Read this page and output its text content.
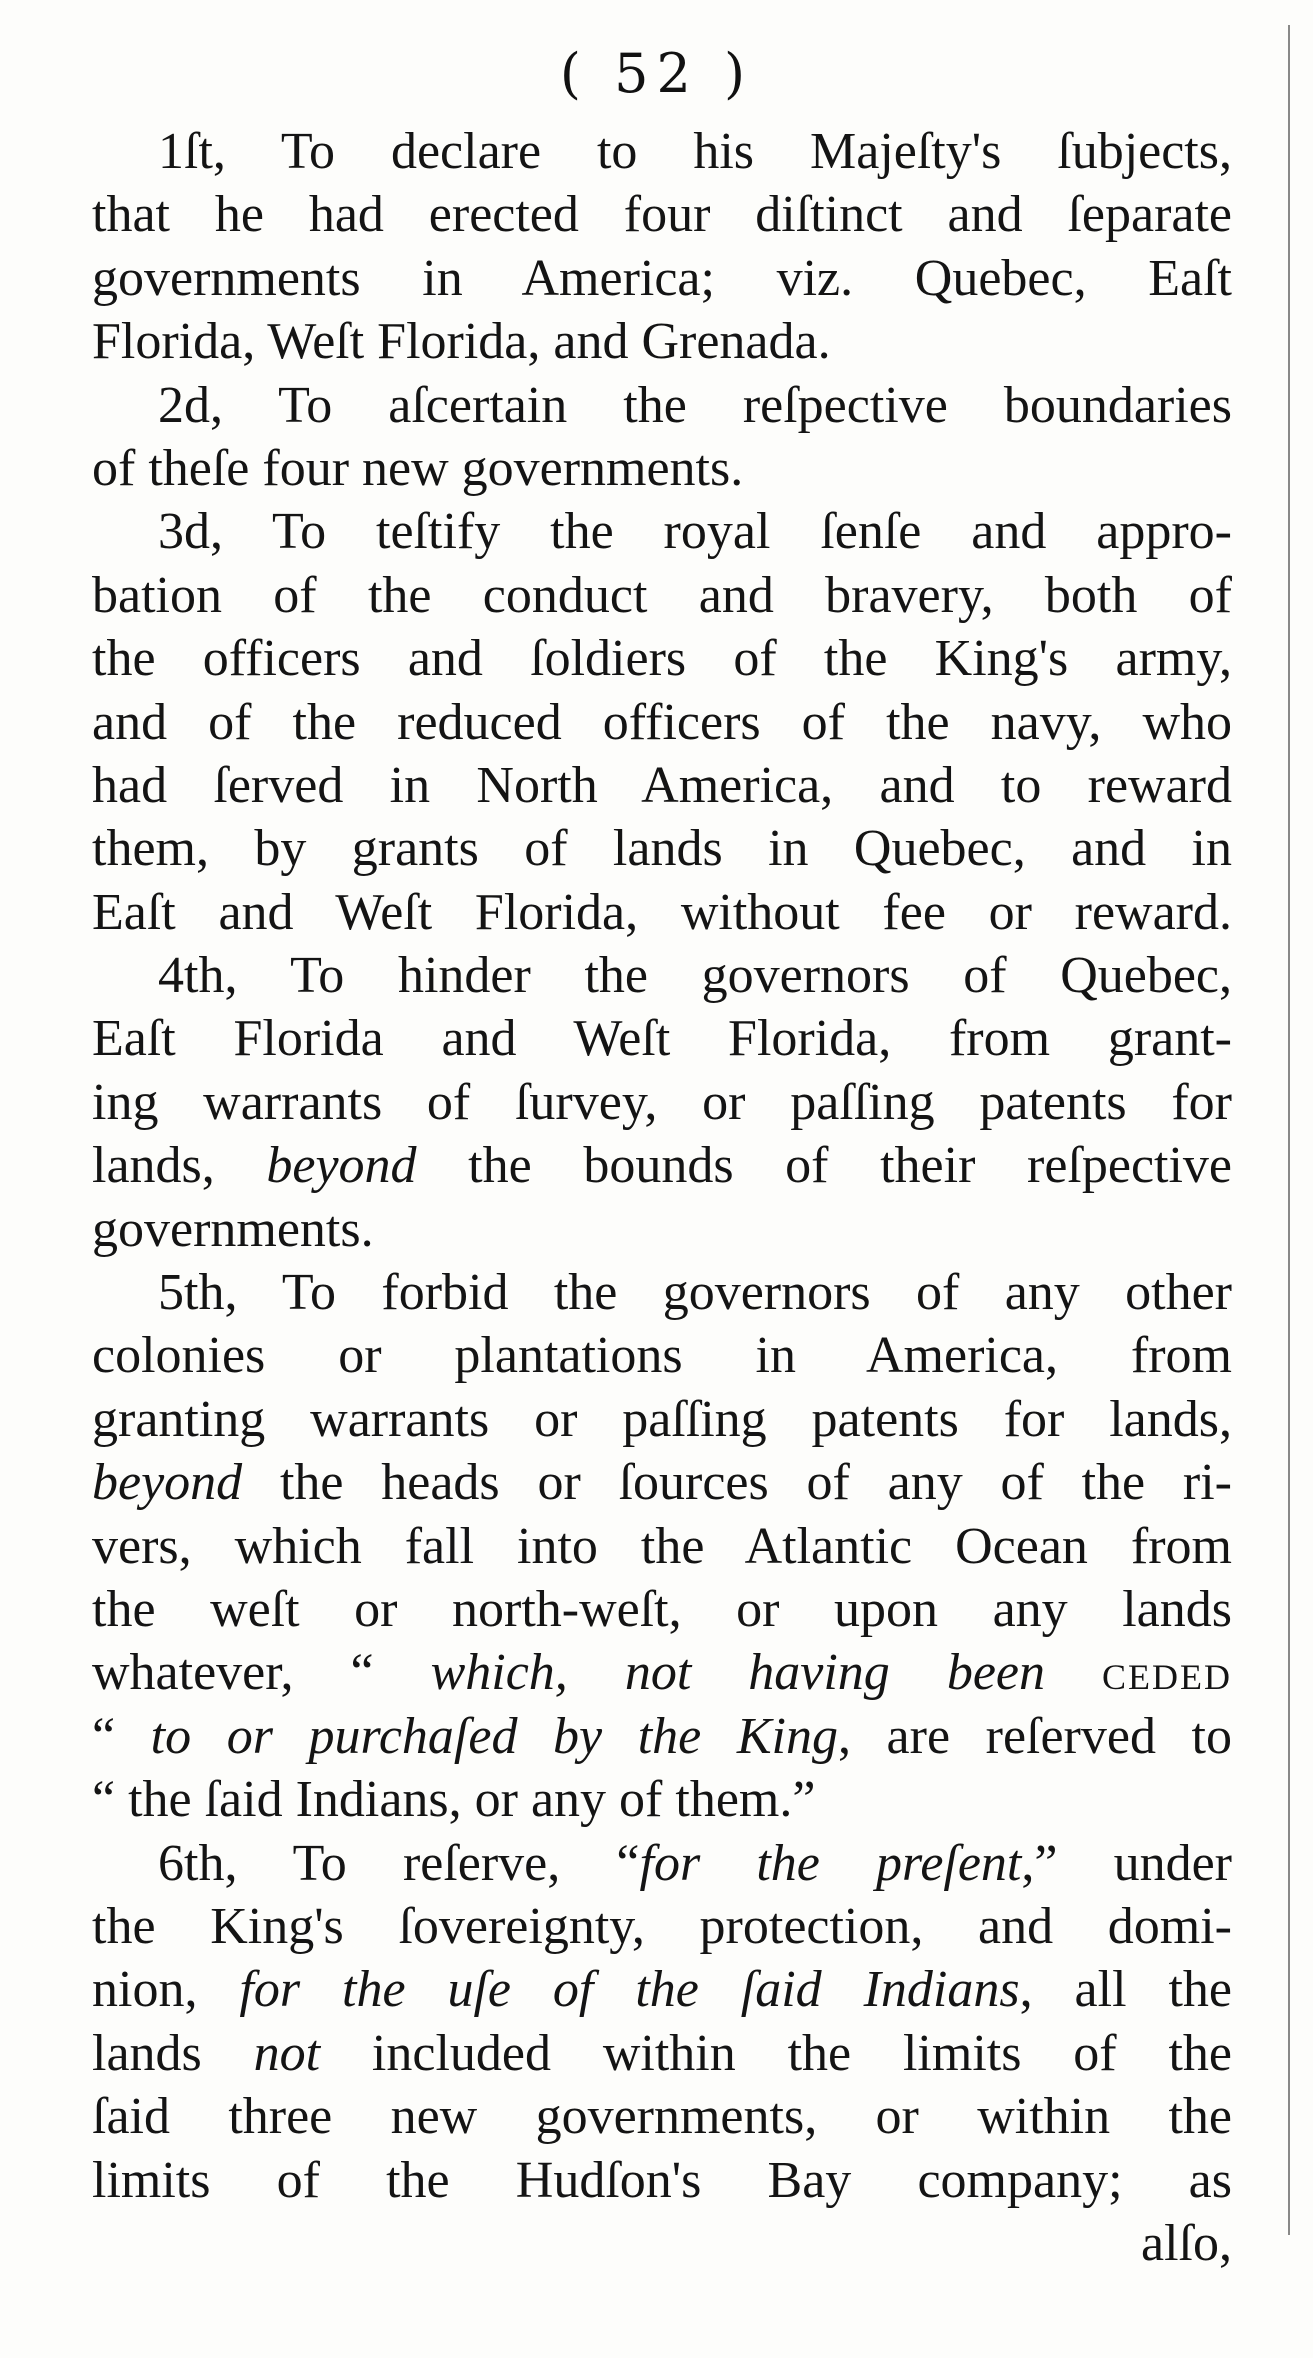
( 52 )
1ſt, To declare to his Majeſty's ſubjects,
that he had erected four diſtinct and ſeparate
governments in America; viz. Quebec, Eaſt
Florida, Weſt Florida, and Grenada.
2d, To aſcertain the reſpective boundaries
of theſe four new governments.
3d, To teſtify the royal ſenſe and appro-
bation of the conduct and bravery, both of
the officers and ſoldiers of the King's army,
and of the reduced officers of the navy, who
had ſerved in North America, and to reward
them, by grants of lands in Quebec, and in
Eaſt and Weſt Florida, without fee or reward.
4th, To hinder the governors of Quebec,
Eaſt Florida and Weſt Florida, from grant-
ing warrants of ſurvey, or paſſing patents for
lands, beyond the bounds of their reſpective
governments.
5th, To forbid the governors of any other
colonies or plantations in America, from
granting warrants or paſſing patents for lands,
beyond the heads or ſources of any of the ri-
vers, which fall into the Atlantic Ocean from
the weſt or north-weſt, or upon any lands
whatever, “ which, not having been ceded
“ to or purchaſed by the King, are reſerved to
“ the ſaid Indians, or any of them.”
6th, To reſerve, “for the preſent,” under
the King's ſovereignty, protection, and domi-
nion, for the uſe of the ſaid Indians, all the
lands not included within the limits of the
ſaid three new governments, or within the
limits of the Hudſon's Bay company; as
alſo,
